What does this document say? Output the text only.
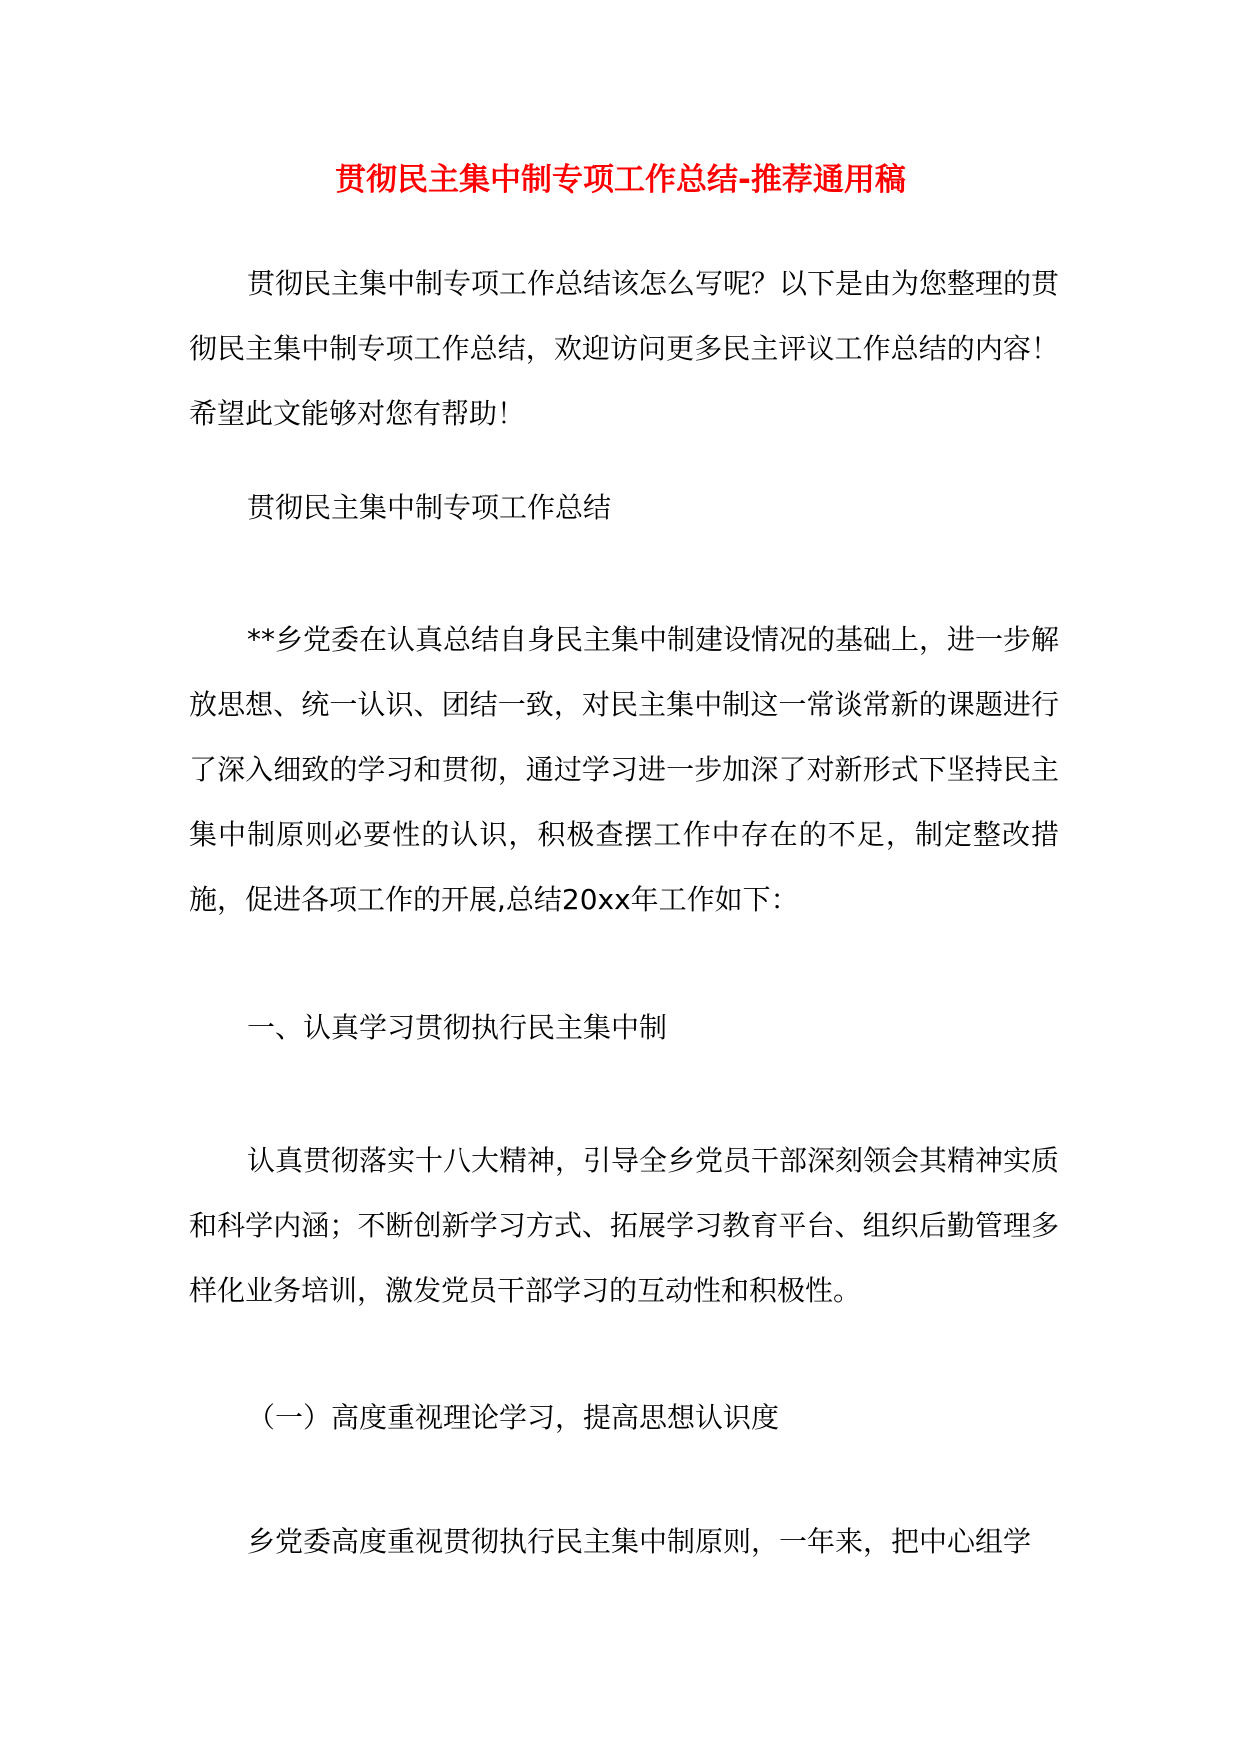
贯彻民主集中制专项工作总结-推荐通用稿

贯彻民主集中制专项工作总结该怎么写呢？以下是由为您整理的贯彻民主集中制专项工作总结，欢迎访问更多民主评议工作总结的内容！希望此文能够对您有帮助！

贯彻民主集中制专项工作总结

**乡党委在认真总结自身民主集中制建设情况的基础上，进一步解放思想、统一认识、团结一致，对民主集中制这一常谈常新的课题进行了深入细致的学习和贯彻，通过学习进一步加深了对新形式下坚持民主集中制原则必要性的认识，积极查摆工作中存在的不足，制定整改措施，促进各项工作的开展,总结20xx年工作如下：

一、认真学习贯彻执行民主集中制

认真贯彻落实十八大精神，引导全乡党员干部深刻领会其精神实质和科学内涵；不断创新学习方式、拓展学习教育平台、组织后勤管理多样化业务培训，激发党员干部学习的互动性和积极性。

（一）高度重视理论学习，提高思想认识度

乡党委高度重视贯彻执行民主集中制原则，一年来，把中心组学
